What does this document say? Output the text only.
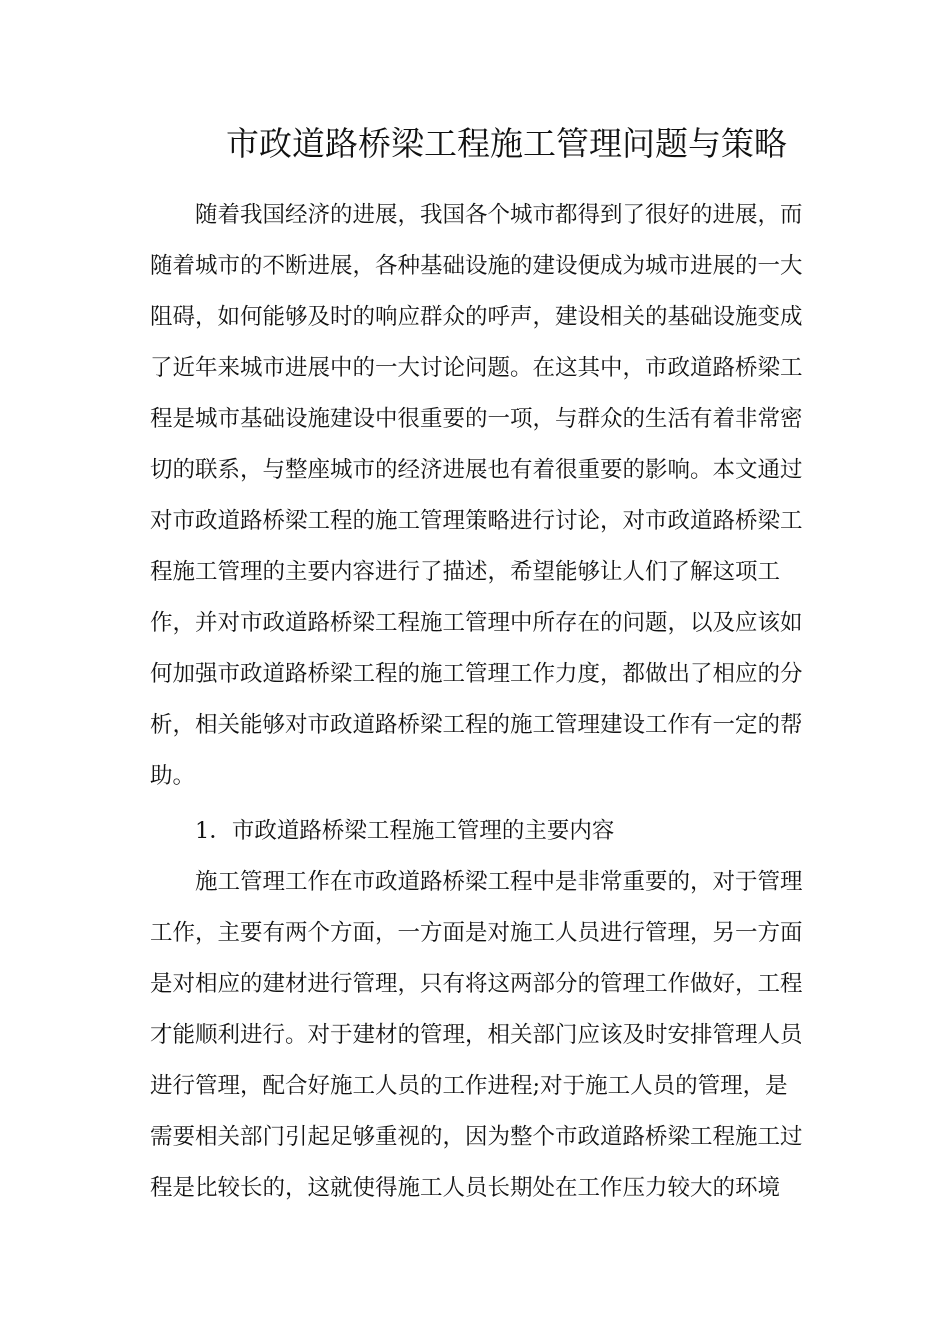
市政道路桥梁工程施工管理问题与策略

随着我国经济的进展，我国各个城市都得到了很好的进展，而

随着城市的不断进展，各种基础设施的建设便成为城市进展的一大

阻碍，如何能够及时的响应群众的呼声，建设相关的基础设施变成

了近年来城市进展中的一大讨论问题。在这其中，市政道路桥梁工

程是城市基础设施建设中很重要的一项，与群众的生活有着非常密

切的联系，与整座城市的经济进展也有着很重要的影响。本文通过

对市政道路桥梁工程的施工管理策略进行讨论，对市政道路桥梁工

程施工管理的主要内容进行了描述，希望能够让人们了解这项工

作，并对市政道路桥梁工程施工管理中所存在的问题，以及应该如

何加强市政道路桥梁工程的施工管理工作力度，都做出了相应的分

析，相关能够对市政道路桥梁工程的施工管理建设工作有一定的帮

助。

1．市政道路桥梁工程施工管理的主要内容

施工管理工作在市政道路桥梁工程中是非常重要的，对于管理

工作，主要有两个方面，一方面是对施工人员进行管理，另一方面

是对相应的建材进行管理，只有将这两部分的管理工作做好，工程

才能顺利进行。对于建材的管理，相关部门应该及时安排管理人员

进行管理，配合好施工人员的工作进程;对于施工人员的管理，是

需要相关部门引起足够重视的，因为整个市政道路桥梁工程施工过

程是比较长的，这就使得施工人员长期处在工作压力较大的环境
